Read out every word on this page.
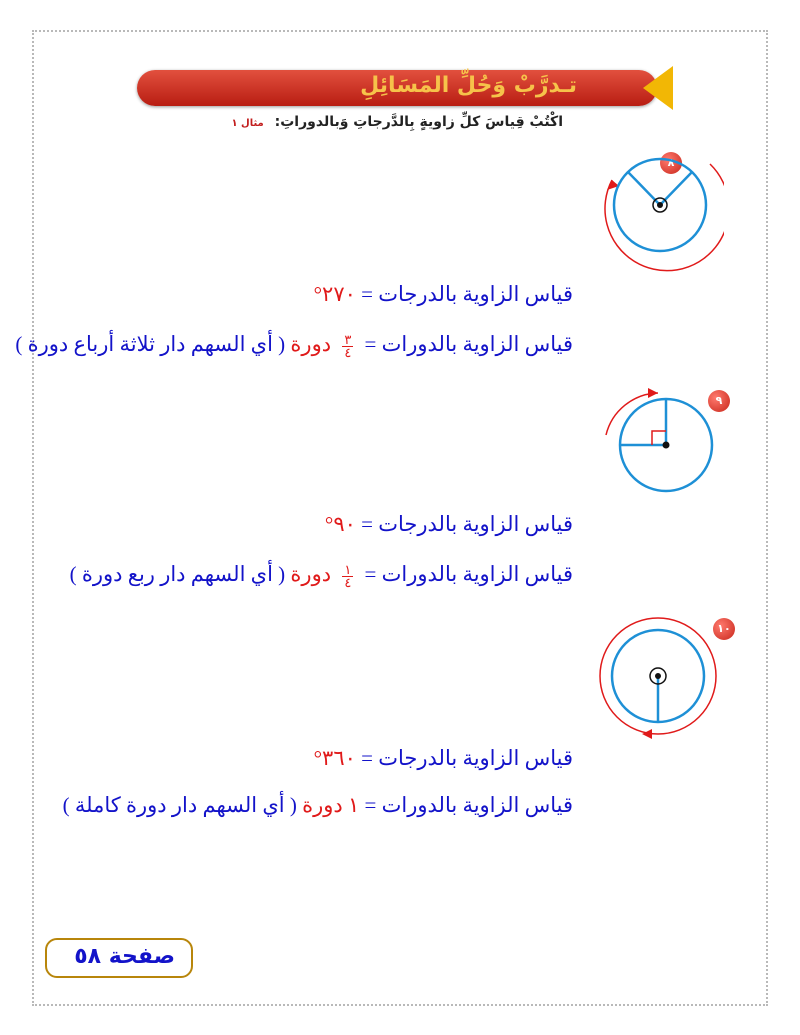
تـدرَّبْ وَحُلِّ المَسَائِلِ
اكْتُبْ قِياسَ كلِّ زاويةٍ بِالدَّرجاتِ وَبالدوراتِ: مثال ١
٨
قياس الزاوية بالدرجات = ٢٧٠°
قياس الزاوية بالدورات =
$\frac{٣}{٤}$
دورة ( أي السهم دار ثلاثة أرباع دورة )
٩
قياس الزاوية بالدرجات = ٩٠°
قياس الزاوية بالدورات =
$\frac{١}{٤}$
دورة ( أي السهم دار ربع دورة )
١٠
قياس الزاوية بالدرجات = ٣٦٠°
قياس الزاوية بالدورات = ١ دورة ( أي السهم دار دورة كاملة )
صفحة ٥٨
